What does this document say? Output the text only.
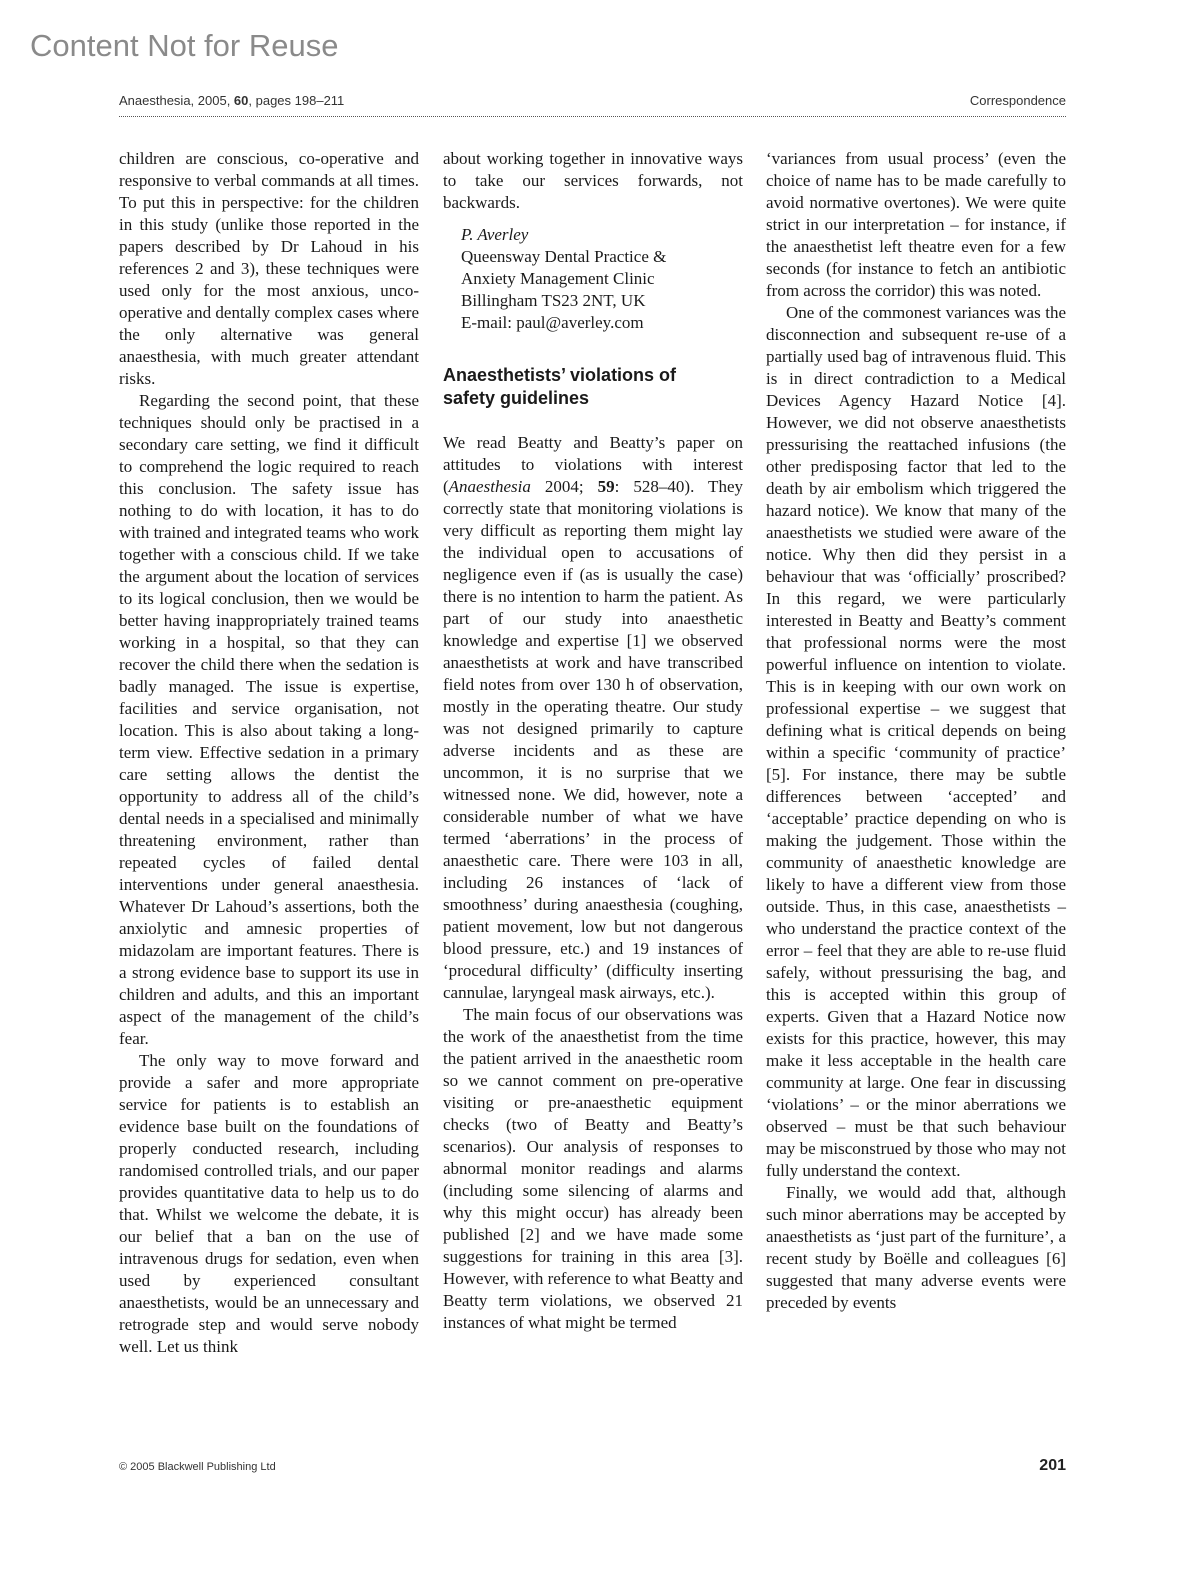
Content Not for Reuse
Anaesthesia, 2005, 60, pages 198–211	Correspondence

children are conscious, co-operative and responsive to verbal commands at all times. To put this in perspective: for the children in this study (unlike those reported in the papers described by Dr Lahoud in his references 2 and 3), these techniques were used only for the most anxious, unco-operative and dentally complex cases where the only alternative was general anaesthesia, with much greater attendant risks.

Regarding the second point, that these techniques should only be practised in a secondary care setting, we find it difficult to comprehend the logic required to reach this conclusion. The safety issue has nothing to do with location, it has to do with trained and integrated teams who work together with a conscious child. If we take the argument about the location of services to its logical conclusion, then we would be better having inappropriately trained teams working in a hospital, so that they can recover the child there when the sedation is badly managed. The issue is expertise, facilities and service organisation, not location. This is also about taking a long-term view. Effective sedation in a primary care setting allows the dentist the opportunity to address all of the child’s dental needs in a specialised and minimally threatening environment, rather than repeated cycles of failed dental interventions under general anaesthesia. Whatever Dr Lahoud’s assertions, both the anxiolytic and amnesic properties of midazolam are important features. There is a strong evidence base to support its use in children and adults, and this an important aspect of the management of the child’s fear.

The only way to move forward and provide a safer and more appropriate service for patients is to establish an evidence base built on the foundations of properly conducted research, including randomised controlled trials, and our paper provides quantitative data to help us to do that. Whilst we welcome the debate, it is our belief that a ban on the use of intravenous drugs for sedation, even when used by experienced consultant anaesthetists, would be an unnecessary and retrograde step and would serve nobody well. Let us think

about working together in innovative ways to take our services forwards, not backwards.

P. Averley
Queensway Dental Practice &
Anxiety Management Clinic
Billingham TS23 2NT, UK
E-mail: paul@averley.com
Anaesthetists’ violations of
safety guidelines

We read Beatty and Beatty’s paper on attitudes to violations with interest (Anaesthesia 2004; 59: 528–40). They correctly state that monitoring violations is very difficult as reporting them might lay the individual open to accusations of negligence even if (as is usually the case) there is no intention to harm the patient. As part of our study into anaesthetic knowledge and expertise [1] we observed anaesthetists at work and have transcribed field notes from over 130 h of observation, mostly in the operating theatre. Our study was not designed primarily to capture adverse incidents and as these are uncommon, it is no surprise that we witnessed none. We did, however, note a considerable number of what we have termed ‘aberrations’ in the process of anaesthetic care. There were 103 in all, including 26 instances of ‘lack of smoothness’ during anaesthesia (coughing, patient movement, low but not dangerous blood pressure, etc.) and 19 instances of ‘procedural difficulty’ (difficulty inserting cannulae, laryngeal mask airways, etc.).

The main focus of our observations was the work of the anaesthetist from the time the patient arrived in the anaesthetic room so we cannot comment on pre-operative visiting or pre-anaesthetic equipment checks (two of Beatty and Beatty’s scenarios). Our analysis of responses to abnormal monitor readings and alarms (including some silencing of alarms and why this might occur) has already been published [2] and we have made some suggestions for training in this area [3]. However, with reference to what Beatty and Beatty term violations, we observed 21 instances of what might be termed

‘variances from usual process’ (even the choice of name has to be made carefully to avoid normative overtones). We were quite strict in our interpretation – for instance, if the anaesthetist left theatre even for a few seconds (for instance to fetch an antibiotic from across the corridor) this was noted.

One of the commonest variances was the disconnection and subsequent re-use of a partially used bag of intravenous fluid. This is in direct contradiction to a Medical Devices Agency Hazard Notice [4]. However, we did not observe anaesthetists pressurising the reattached infusions (the other predisposing factor that led to the death by air embolism which triggered the hazard notice). We know that many of the anaesthetists we studied were aware of the notice. Why then did they persist in a behaviour that was ‘officially’ proscribed? In this regard, we were particularly interested in Beatty and Beatty’s comment that professional norms were the most powerful influence on intention to violate. This is in keeping with our own work on professional expertise – we suggest that defining what is critical depends on being within a specific ‘community of practice’ [5]. For instance, there may be subtle differences between ‘accepted’ and ‘acceptable’ practice depending on who is making the judgement. Those within the community of anaesthetic knowledge are likely to have a different view from those outside. Thus, in this case, anaesthetists – who understand the practice context of the error – feel that they are able to re-use fluid safely, without pressurising the bag, and this is accepted within this group of experts. Given that a Hazard Notice now exists for this practice, however, this may make it less acceptable in the health care community at large. One fear in discussing ‘violations’ – or the minor aberrations we observed – must be that such behaviour may be misconstrued by those who may not fully understand the context.

Finally, we would add that, although such minor aberrations may be accepted by anaesthetists as ‘just part of the furniture’, a recent study by Boëlle and colleagues [6] suggested that many adverse events were preceded by events

© 2005 Blackwell Publishing Ltd	201
